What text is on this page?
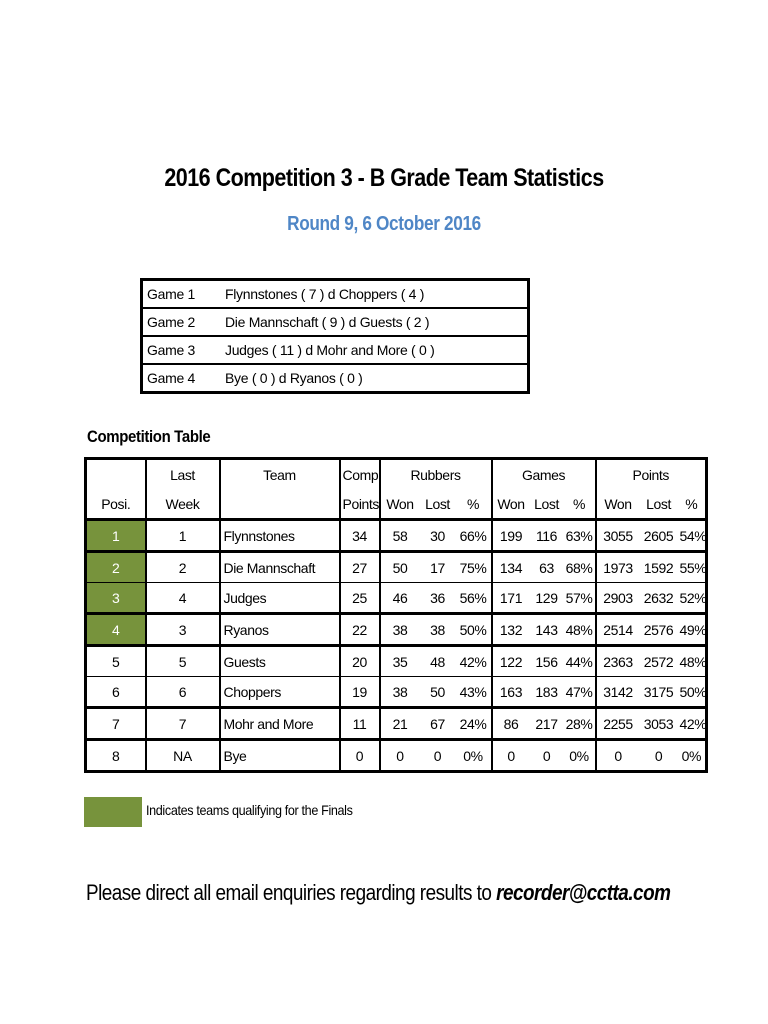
2016 Competition 3 - B Grade Team Statistics
Round 9, 6 October 2016
Game 1	Flynnstones ( 7 ) d Choppers ( 4 )
Game 2	Die Mannschaft ( 9 ) d Guests ( 2 )
Game 3	Judges ( 11 ) d Mohr and More ( 0 )
Game 4	Bye ( 0 ) d Ryanos ( 0 )
Competition Table
	Last	Team	Comp	Rubbers			Games			Points		
Posi.	Week		Points	Won	Lost	%	Won	Lost	%	Won	Lost	%
1	1	Flynnstones	34	58	30	66%	199	116	63%	3055	2605	54%
2	2	Die Mannschaft	27	50	17	75%	134	63	68%	1973	1592	55%
3	4	Judges	25	46	36	56%	171	129	57%	2903	2632	52%
4	3	Ryanos	22	38	38	50%	132	143	48%	2514	2576	49%
5	5	Guests	20	35	48	42%	122	156	44%	2363	2572	48%
6	6	Choppers	19	38	50	43%	163	183	47%	3142	3175	50%
7	7	Mohr and More	11	21	67	24%	86	217	28%	2255	3053	42%
8	NA	Bye	0	0	0	0%	0	0	0%	0	0	0%
Indicates teams qualifying for the Finals
Please direct all email enquiries regarding results to recorder@cctta.com
